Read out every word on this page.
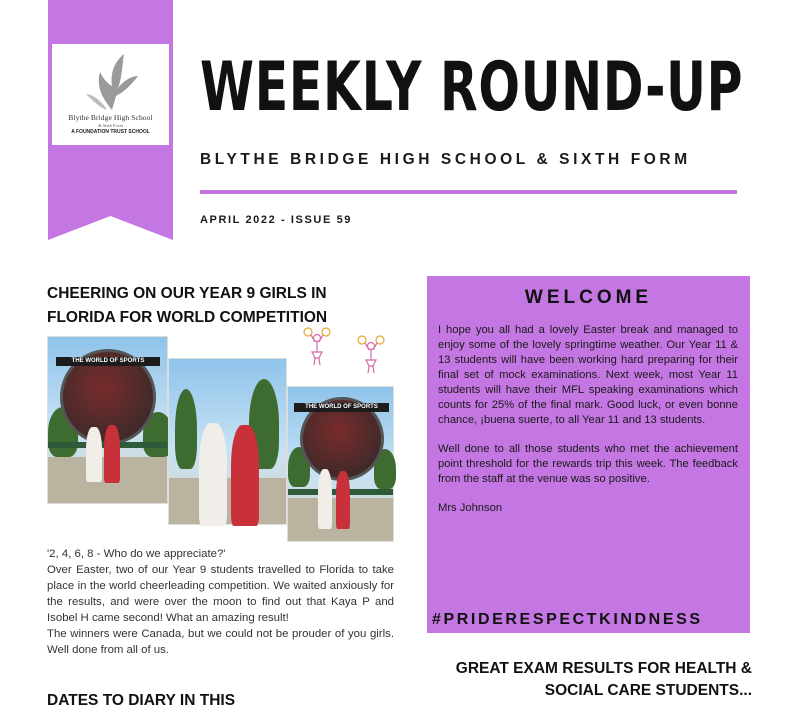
Blythe Bridge High School
& Sixth Form
A FOUNDATION TRUST SCHOOL
WEEKLY ROUND-UP
BLYTHE BRIDGE HIGH SCHOOL & SIXTH FORM
APRIL 2022 - ISSUE 59
CHEERING ON OUR YEAR 9 GIRLS IN FLORIDA FOR WORLD COMPETITION
THE WORLD OF SPORTS
THE WORLD OF SPORTS

'2, 4, 6, 8 - Who do we appreciate?'

Over Easter, two of our Year 9 students travelled to Florida to take place in the world cheerleading competition. We waited anxiously for the results, and were over the moon to find out that Kaya P and Isobel H came second! What an amazing result!

The winners were Canada, but we could not be prouder of you girls. Well done from all of us.

WELCOME

I hope you all had a lovely Easter break and managed to enjoy some of the lovely springtime weather. Our Year 11 & 13 students will have been working hard preparing for their final set of mock examinations. Next week, most Year 11 students will have their MFL speaking examinations which counts for 25% of the final mark. Good luck, or even bonne chance, ¡buena suerte, to all Year 11 and 13 students.

Well done to all those students who met the achievement point threshold for the rewards trip this week. The feedback from the staff at the venue was so positive.

Mrs Johnson

#PRIDERESPECTKINDNESS
GREAT EXAM RESULTS FOR HEALTH & SOCIAL CARE STUDENTS...
DATES TO DIARY IN THIS
